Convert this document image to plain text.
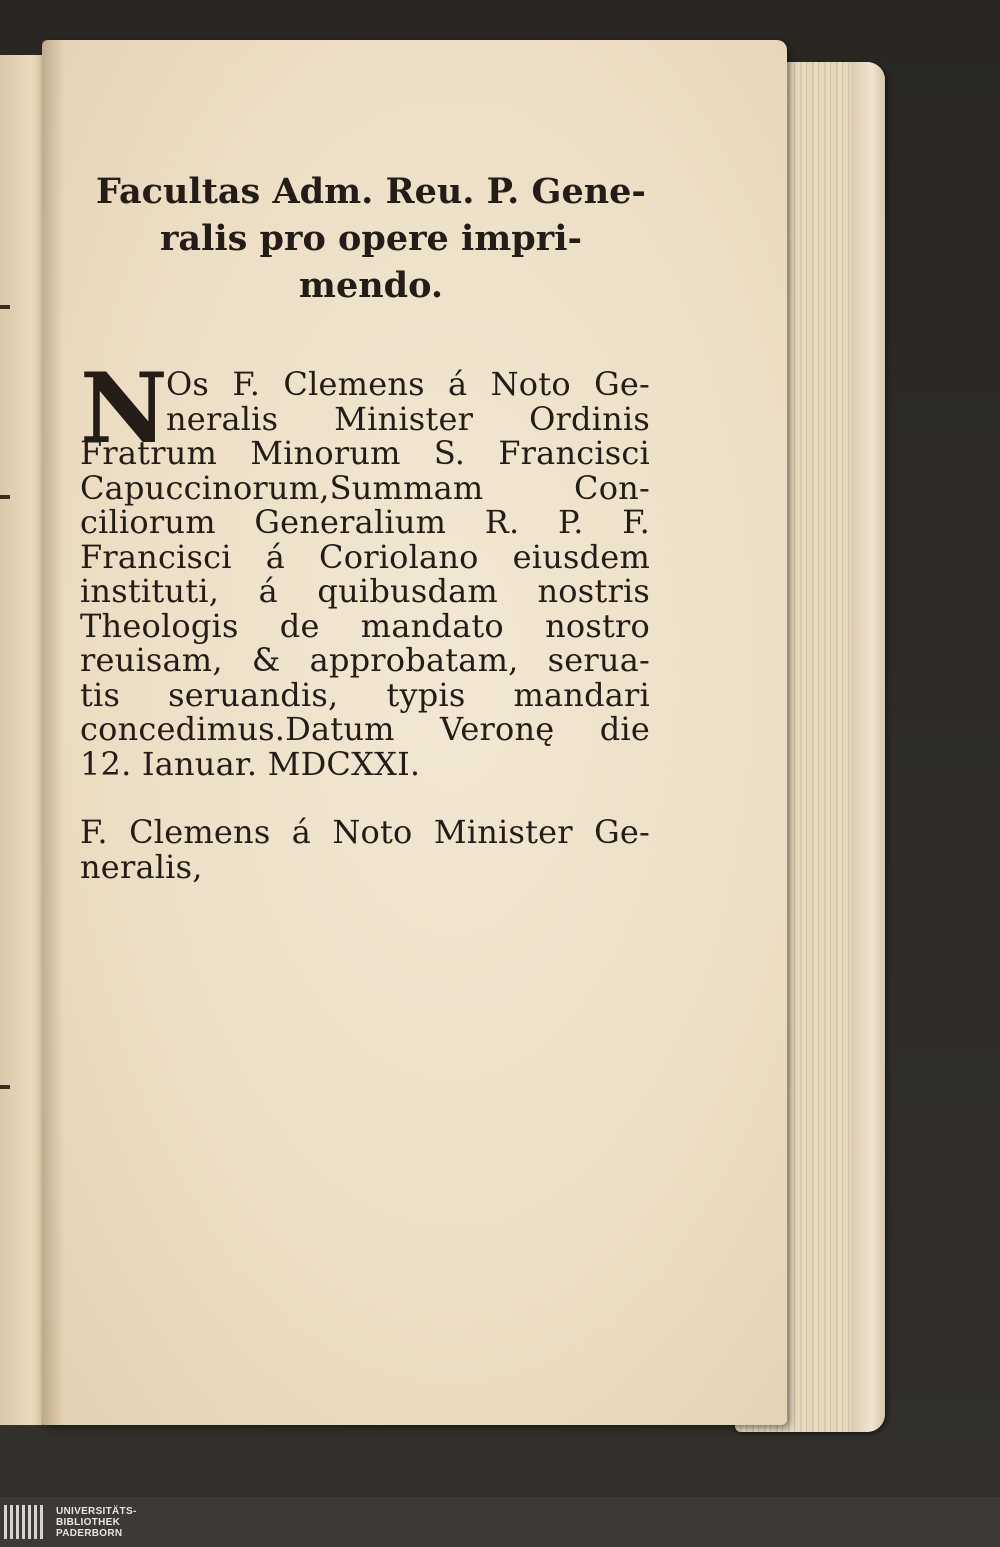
Facultas Adm. Reu. P. Gene-
ralis pro opere impri-
mendo.
N
Os F. Clemens á Noto Ge-
neralis Minister Ordinis
Fratrum Minorum S. Francisci
Capuccinorum,Summam Con-
ciliorum Generalium R. P. F.
Francisci á Coriolano eiusdem
instituti, á quibusdam nostris
Theologis de mandato nostro
reuisam, & approbatam, serua-
tis seruandis, typis mandari
concedimus.Datum Veronę die
12. Ianuar. MDCXXI.
F. Clemens á Noto Minister Ge-
neralis,
UNIVERSITÄTS-
BIBLIOTHEK
PADERBORN
